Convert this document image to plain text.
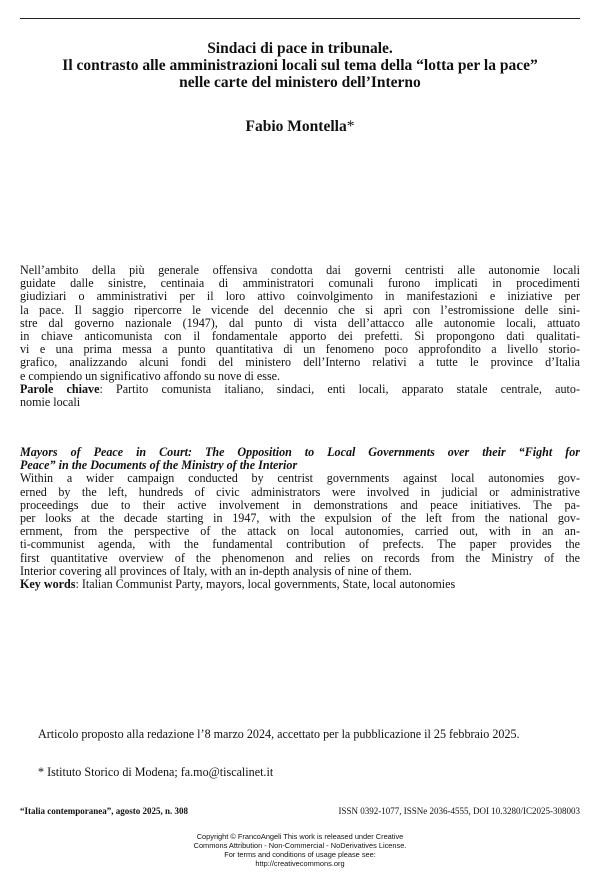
Sindaci di pace in tribunale.
Il contrasto alle amministrazioni locali sul tema della “lotta per la pace”
nelle carte del ministero dell’Interno
Fabio Montella*
Nell’ambito della più generale offensiva condotta dai governi centristi alle autonomie locali
guidate dalle sinistre, centinaia di amministratori comunali furono implicati in procedimenti
giudiziari o amministrativi per il loro attivo coinvolgimento in manifestazioni e iniziative per
la pace. Il saggio ripercorre le vicende del decennio che si aprì con l’estromissione delle sini-
stre dal governo nazionale (1947), dal punto di vista dell’attacco alle autonomie locali, attuato
in chiave anticomunista con il fondamentale apporto dei prefetti. Si propongono dati qualitati-
vi e una prima messa a punto quantitativa di un fenomeno poco approfondito a livello storio-
grafico, analizzando alcuni fondi del ministero dell’Interno relativi a tutte le province d’Italia
e compiendo un significativo affondo su nove di esse.
Parole chiave: Partito comunista italiano, sindaci, enti locali, apparato statale centrale, auto-
nomie locali
Mayors of Peace in Court: The Opposition to Local Governments over their “Fight for
Peace” in the Documents of the Ministry of the Interior
Within a wider campaign conducted by centrist governments against local autonomies gov-
erned by the left, hundreds of civic administrators were involved in judicial or administrative
proceedings due to their active involvement in demonstrations and peace initiatives. The pa-
per looks at the decade starting in 1947, with the expulsion of the left from the national gov-
ernment, from the perspective of the attack on local autonomies, carried out, with in an an-
ti-communist agenda, with the fundamental contribution of prefects. The paper provides the
first quantitative overview of the phenomenon and relies on records from the Ministry of the
Interior covering all provinces of Italy, with an in-depth analysis of nine of them.
Key words: Italian Communist Party, mayors, local governments, State, local autonomies
Articolo proposto alla redazione l’8 marzo 2024, accettato per la pubblicazione il 25 febbraio 2025.
* Istituto Storico di Modena; fa.mo@tiscalinet.it
“Italia contemporanea”, agosto 2025, n. 308	ISSN 0392-1077, ISSNe 2036-4555, DOI 10.3280/IC2025-308003
Copyright © FrancoAngeli This work is released under Creative
Commons Attribution - Non-Commercial - NoDerivatives License.
For terms and conditions of usage please see:
http://creativecommons.org
